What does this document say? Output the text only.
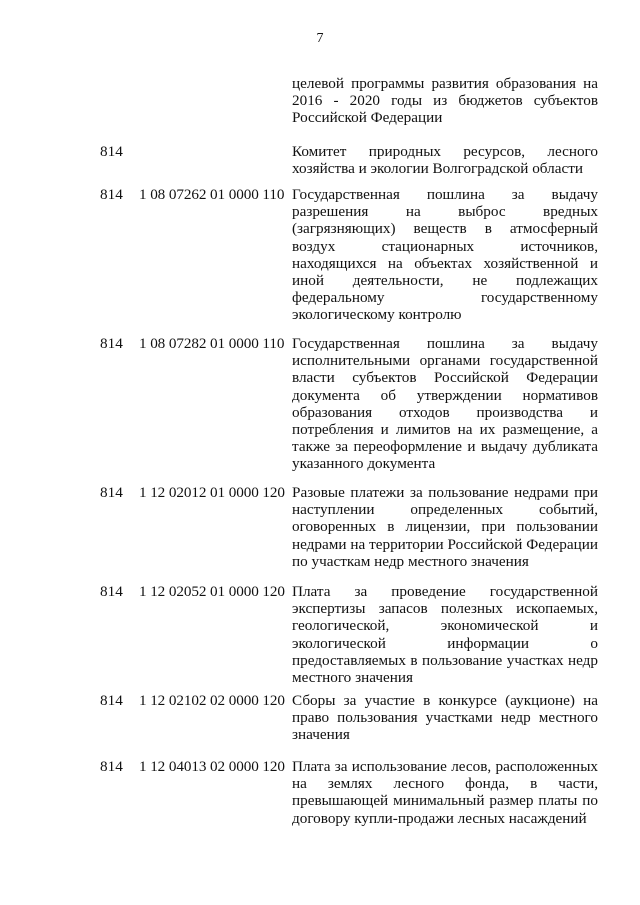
7
целевой программы развития образования на 2016 - 2020 годы из бюджетов субъектов Российской Федерации
814	Комитет природных ресурсов, лесного хозяйства и экологии Волгоградской области
814	1 08 07262 01 0000 110 Государственная пошлина за выдачу разрешения на выброс вредных (загрязняющих) веществ в атмосферный воздух стационарных источников, находящихся на объектах хозяйственной и иной деятельности, не подлежащих федеральному государственному экологическому контролю
814	1 08 07282 01 0000 110 Государственная пошлина за выдачу исполнительными органами государственной власти субъектов Российской Федерации документа об утверждении нормативов образования отходов производства и потребления и лимитов на их размещение, а также за переоформление и выдачу дубликата указанного документа
814	1 12 02012 01 0000 120 Разовые платежи за пользование недрами при наступлении определенных событий, оговоренных в лицензии, при пользовании недрами на территории Российской Федерации по участкам недр местного значения
814	1 12 02052 01 0000 120 Плата за проведение государственной экспертизы запасов полезных ископаемых, геологической, экономической и экологической информации о предоставляемых в пользование участках недр местного значения
814	1 12 02102 02 0000 120 Сборы за участие в конкурсе (аукционе) на право пользования участками недр местного значения
814	1 12 04013 02 0000 120 Плата за использование лесов, расположенных на землях лесного фонда, в части, превышающей минимальный размер платы по договору купли-продажи лесных насаждений
